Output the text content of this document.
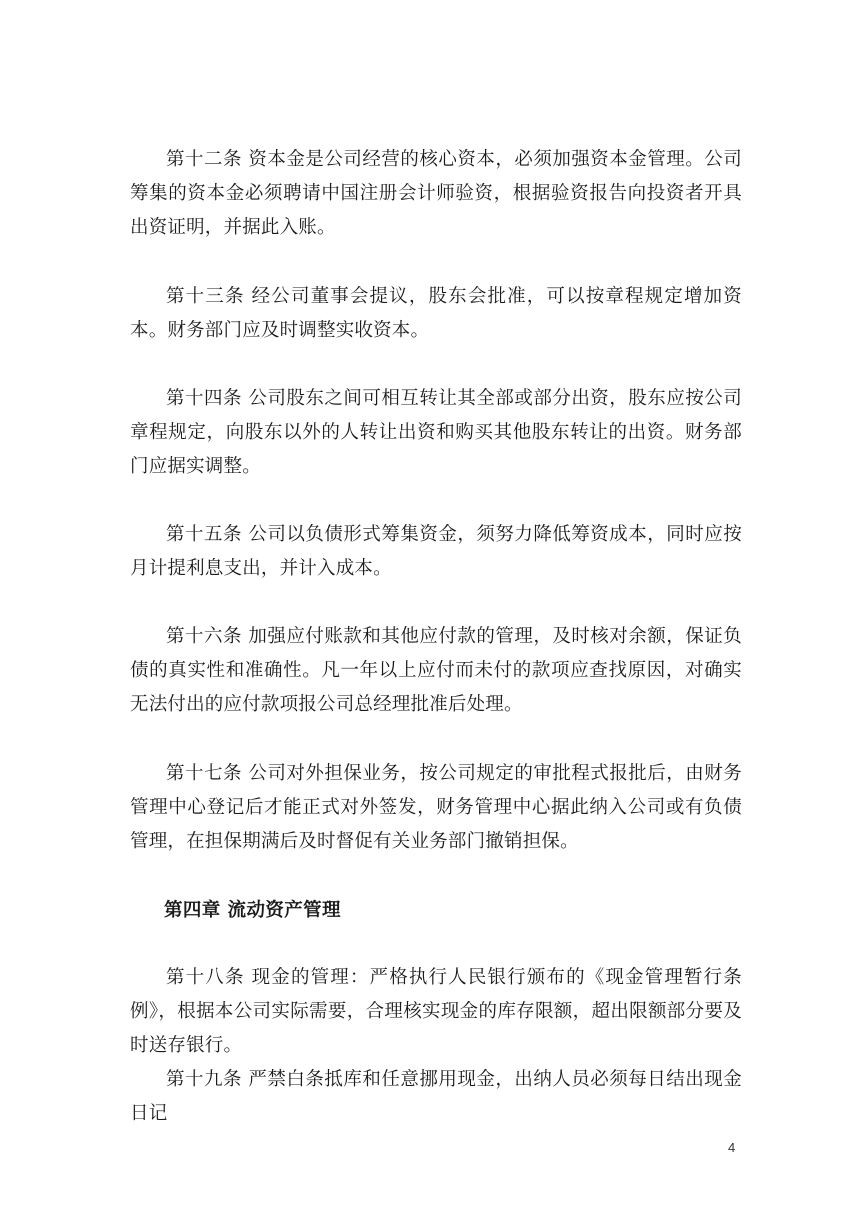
第十二条 资本金是公司经营的核心资本，必须加强资本金管理。公司筹集的资本金必须聘请中国注册会计师验资，根据验资报告向投资者开具出资证明，并据此入账。

第十三条 经公司董事会提议，股东会批准，可以按章程规定增加资本。财务部门应及时调整实收资本。

第十四条 公司股东之间可相互转让其全部或部分出资，股东应按公司章程规定，向股东以外的人转让出资和购买其他股东转让的出资。财务部门应据实调整。

第十五条 公司以负债形式筹集资金，须努力降低筹资成本，同时应按月计提利息支出，并计入成本。

第十六条 加强应付账款和其他应付款的管理，及时核对余额，保证负债的真实性和准确性。凡一年以上应付而未付的款项应查找原因，对确实无法付出的应付款项报公司总经理批准后处理。

第十七条 公司对外担保业务，按公司规定的审批程式报批后，由财务管理中心登记后才能正式对外签发，财务管理中心据此纳入公司或有负债管理，在担保期满后及时督促有关业务部门撤销担保。

第四章 流动资产管理

第十八条 现金的管理：严格执行人民银行颁布的《现金管理暂行条例》，根据本公司实际需要，合理核实现金的库存限额，超出限额部分要及时送存银行。

第十九条 严禁白条抵库和任意挪用现金，出纳人员必须每日结出现金日记

4
